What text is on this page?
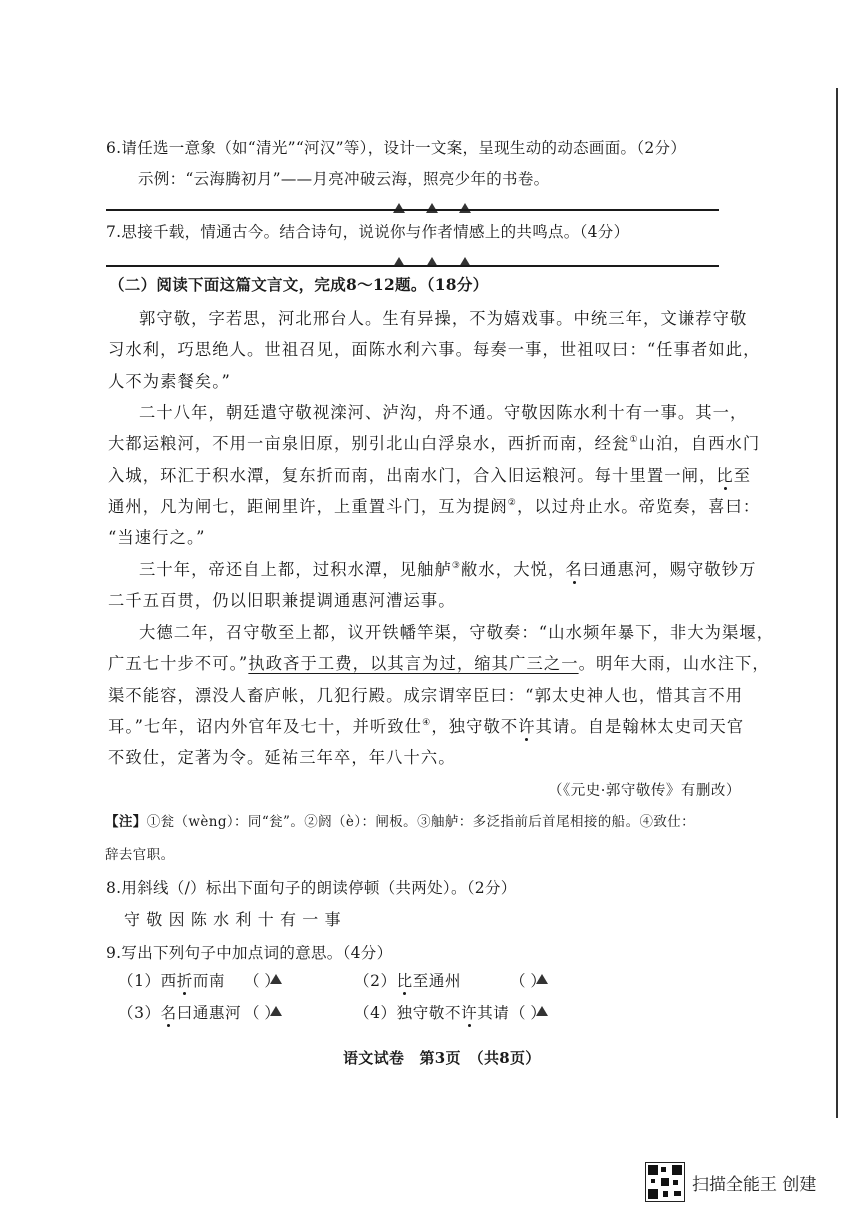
6.请任选一意象（如“清光”“河汉”等），设计一文案，呈现生动的动态画面。（2分）
示例：“云海腾初月”——月亮冲破云海，照亮少年的书卷。

7.思接千载，情通古今。结合诗句，说说你与作者情感上的共鸣点。（4分）

（二）阅读下面这篇文言文，完成8～12题。（18分）
郭守敬，字若思，河北邢台人。生有异操，不为嬉戏事。中统三年，文谦荐守敬
习水利，巧思绝人。世祖召见，面陈水利六事。每奏一事，世祖叹曰：“任事者如此，
人不为素餐矣。”
二十八年，朝廷遣守敬视滦河、泸沟，舟不通。守敬因陈水利十有一事。其一，
大都运粮河，不用一亩泉旧原，别引北山白浮泉水，西折而南，经瓮①山泊，自西水门
入城，环汇于积水潭，复东折而南，出南水门，合入旧运粮河。每十里置一闸，比至
通州，凡为闸七，距闸里许，上重置斗门，互为提阏②，以过舟止水。帝览奏，喜曰：
“当速行之。”
三十年，帝还自上都，过积水潭，见舳舻③敝水，大悦，名曰通惠河，赐守敬钞万
二千五百贯，仍以旧职兼提调通惠河漕运事。
大德二年，召守敬至上都，议开铁幡竿渠，守敬奏：“山水频年暴下，非大为渠堰，
广五七十步不可。”执政吝于工费，以其言为过，缩其广三之一。明年大雨，山水注下，
渠不能容，漂没人畜庐帐，几犯行殿。成宗谓宰臣曰：“郭太史神人也，惜其言不用
耳。”七年，诏内外官年及七十，并听致仕④，独守敬不许其请。自是翰林太史司天官
不致仕，定著为令。延祐三年卒，年八十六。
（《元史·郭守敬传》有删改）
【注】①瓮（wèng）：同“瓮”。②阏（è）：闸板。③舳舻：多泛指前后首尾相接的船。④致仕：
辞去官职。
8.用斜线（/）标出下面句子的朗读停顿（共两处）。（2分）
守 敬 因 陈 水 利 十 有 一 事
9.写出下列句子中加点词的意思。（4分）
（1）西折而南 （ ）	（2）比至通州	（ ）
（3）名曰通惠河 （ ）	（4）独守敬不许其请 （ ）
语文试卷　第3页　（共8页）
扫描全能王 创建
